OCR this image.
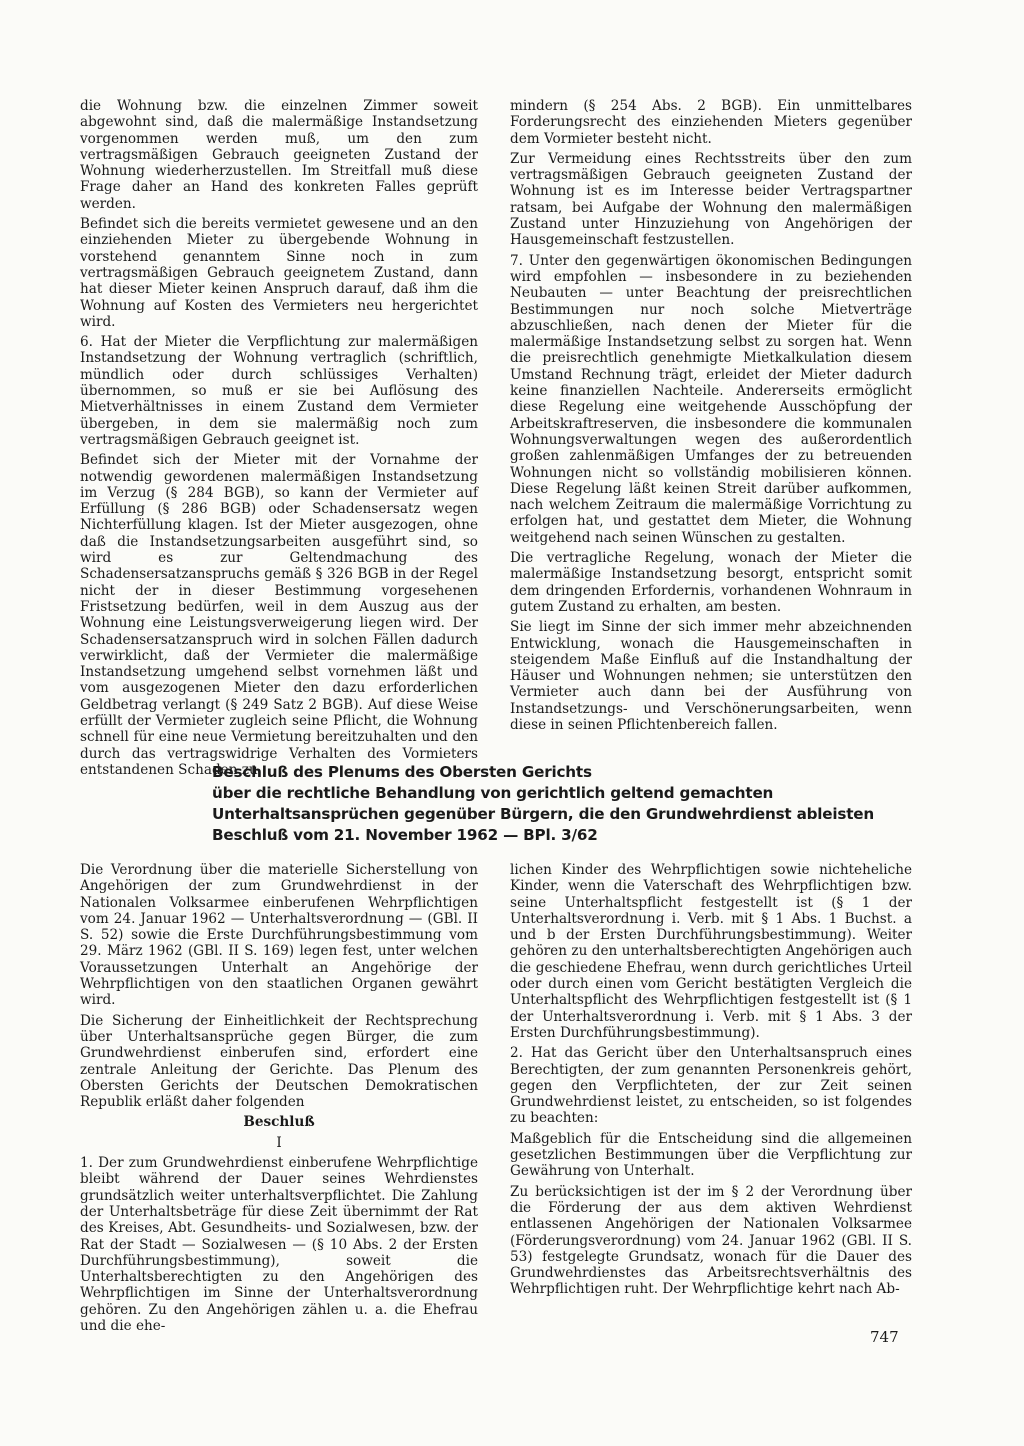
die Wohnung bzw. die einzelnen Zimmer soweit abgewohnt sind, daß die malermäßige Instandsetzung vorgenommen werden muß, um den zum vertragsmäßigen Gebrauch geeigneten Zustand der Wohnung wiederherzustellen. Im Streitfall muß diese Frage daher an Hand des konkreten Falles geprüft werden.

Befindet sich die bereits vermietet gewesene und an den einziehenden Mieter zu übergebende Wohnung in vorstehend genanntem Sinne noch in zum vertragsmäßigen Gebrauch geeignetem Zustand, dann hat dieser Mieter keinen Anspruch darauf, daß ihm die Wohnung auf Kosten des Vermieters neu hergerichtet wird.

6. Hat der Mieter die Verpflichtung zur malermäßigen Instandsetzung der Wohnung vertraglich (schriftlich, mündlich oder durch schlüssiges Verhalten) übernommen, so muß er sie bei Auflösung des Mietverhältnisses in einem Zustand dem Vermieter übergeben, in dem sie malermäßig noch zum vertragsmäßigen Gebrauch geeignet ist.

Befindet sich der Mieter mit der Vornahme der notwendig gewordenen malermäßigen Instandsetzung im Verzug (§ 284 BGB), so kann der Vermieter auf Erfüllung (§ 286 BGB) oder Schadensersatz wegen Nichterfüllung klagen. Ist der Mieter ausgezogen, ohne daß die Instandsetzungsarbeiten ausgeführt sind, so wird es zur Geltendmachung des Schadensersatzanspruchs gemäß § 326 BGB in der Regel nicht der in dieser Bestimmung vorgesehenen Fristsetzung bedürfen, weil in dem Auszug aus der Wohnung eine Leistungsverweigerung liegen wird. Der Schadensersatzanspruch wird in solchen Fällen dadurch verwirklicht, daß der Vermieter die malermäßige Instandsetzung umgehend selbst vornehmen läßt und vom ausgezogenen Mieter den dazu erforderlichen Geldbetrag verlangt (§ 249 Satz 2 BGB). Auf diese Weise erfüllt der Vermieter zugleich seine Pflicht, die Wohnung schnell für eine neue Vermietung bereitzuhalten und den durch das vertragswidrige Verhalten des Vormieters entstandenen Schaden zu

mindern (§ 254 Abs. 2 BGB). Ein unmittelbares Forderungsrecht des einziehenden Mieters gegenüber dem Vormieter besteht nicht.

Zur Vermeidung eines Rechtsstreits über den zum vertragsmäßigen Gebrauch geeigneten Zustand der Wohnung ist es im Interesse beider Vertragspartner ratsam, bei Aufgabe der Wohnung den malermäßigen Zustand unter Hinzuziehung von Angehörigen der Hausgemeinschaft festzustellen.

7. Unter den gegenwärtigen ökonomischen Bedingungen wird empfohlen — insbesondere in zu beziehenden Neubauten — unter Beachtung der preisrechtlichen Bestimmungen nur noch solche Mietverträge abzuschließen, nach denen der Mieter für die malermäßige Instandsetzung selbst zu sorgen hat. Wenn die preisrechtlich genehmigte Mietkalkulation diesem Umstand Rechnung trägt, erleidet der Mieter dadurch keine finanziellen Nachteile. Andererseits ermöglicht diese Regelung eine weitgehende Ausschöpfung der Arbeitskraftreserven, die insbesondere die kommunalen Wohnungsverwaltungen wegen des außerordentlich großen zahlenmäßigen Umfanges der zu betreuenden Wohnungen nicht so vollständig mobilisieren können. Diese Regelung läßt keinen Streit darüber aufkommen, nach welchem Zeitraum die malermäßige Vorrichtung zu erfolgen hat, und gestattet dem Mieter, die Wohnung weitgehend nach seinen Wünschen zu gestalten.

Die vertragliche Regelung, wonach der Mieter die malermäßige Instandsetzung besorgt, entspricht somit dem dringenden Erfordernis, vorhandenen Wohnraum in gutem Zustand zu erhalten, am besten.

Sie liegt im Sinne der sich immer mehr abzeichnenden Entwicklung, wonach die Hausgemeinschaften in steigendem Maße Einfluß auf die Instandhaltung der Häuser und Wohnungen nehmen; sie unterstützen den Vermieter auch dann bei der Ausführung von Instandsetzungs- und Verschönerungsarbeiten, wenn diese in seinen Pflichtenbereich fallen.

Beschluß des Plenums des Obersten Gerichts
über die rechtliche Behandlung von gerichtlich geltend gemachten
Unterhaltsansprüchen gegenüber Bürgern, die den Grundwehrdienst ableisten
Beschluß vom 21. November 1962 — BPl. 3/62

Die Verordnung über die materielle Sicherstellung von Angehörigen der zum Grundwehrdienst in der Nationalen Volksarmee einberufenen Wehrpflichtigen vom 24. Januar 1962 — Unterhaltsverordnung — (GBl. II S. 52) sowie die Erste Durchführungsbestimmung vom 29. März 1962 (GBl. II S. 169) legen fest, unter welchen Voraussetzungen Unterhalt an Angehörige der Wehrpflichtigen von den staatlichen Organen gewährt wird.

Die Sicherung der Einheitlichkeit der Rechtsprechung über Unterhaltsansprüche gegen Bürger, die zum Grundwehrdienst einberufen sind, erfordert eine zentrale Anleitung der Gerichte. Das Plenum des Obersten Gerichts der Deutschen Demokratischen Republik erläßt daher folgenden

Beschluß
I

1. Der zum Grundwehrdienst einberufene Wehrpflichtige bleibt während der Dauer seines Wehrdienstes grundsätzlich weiter unterhaltsverpflichtet. Die Zahlung der Unterhaltsbeträge für diese Zeit übernimmt der Rat des Kreises, Abt. Gesundheits- und Sozialwesen, bzw. der Rat der Stadt — Sozialwesen — (§ 10 Abs. 2 der Ersten Durchführungsbestimmung), soweit die Unterhaltsberechtigten zu den Angehörigen des Wehrpflichtigen im Sinne der Unterhaltsverordnung gehören. Zu den Angehörigen zählen u. a. die Ehefrau und die ehe-

lichen Kinder des Wehrpflichtigen sowie nichteheliche Kinder, wenn die Vaterschaft des Wehrpflichtigen bzw. seine Unterhaltspflicht festgestellt ist (§ 1 der Unterhaltsverordnung i. Verb. mit § 1 Abs. 1 Buchst. a und b der Ersten Durchführungsbestimmung). Weiter gehören zu den unterhaltsberechtigten Angehörigen auch die geschiedene Ehefrau, wenn durch gerichtliches Urteil oder durch einen vom Gericht bestätigten Vergleich die Unterhaltspflicht des Wehrpflichtigen festgestellt ist (§ 1 der Unterhaltsverordnung i. Verb. mit § 1 Abs. 3 der Ersten Durchführungsbestimmung).

2. Hat das Gericht über den Unterhaltsanspruch eines Berechtigten, der zum genannten Personenkreis gehört, gegen den Verpflichteten, der zur Zeit seinen Grundwehrdienst leistet, zu entscheiden, so ist folgendes zu beachten:

Maßgeblich für die Entscheidung sind die allgemeinen gesetzlichen Bestimmungen über die Verpflichtung zur Gewährung von Unterhalt.

Zu berücksichtigen ist der im § 2 der Verordnung über die Förderung der aus dem aktiven Wehrdienst entlassenen Angehörigen der Nationalen Volksarmee (Förderungsverordnung) vom 24. Januar 1962 (GBl. II S. 53) festgelegte Grundsatz, wonach für die Dauer des Grundwehrdienstes das Arbeitsrechtsverhältnis des Wehrpflichtigen ruht. Der Wehrpflichtige kehrt nach Ab-

747
